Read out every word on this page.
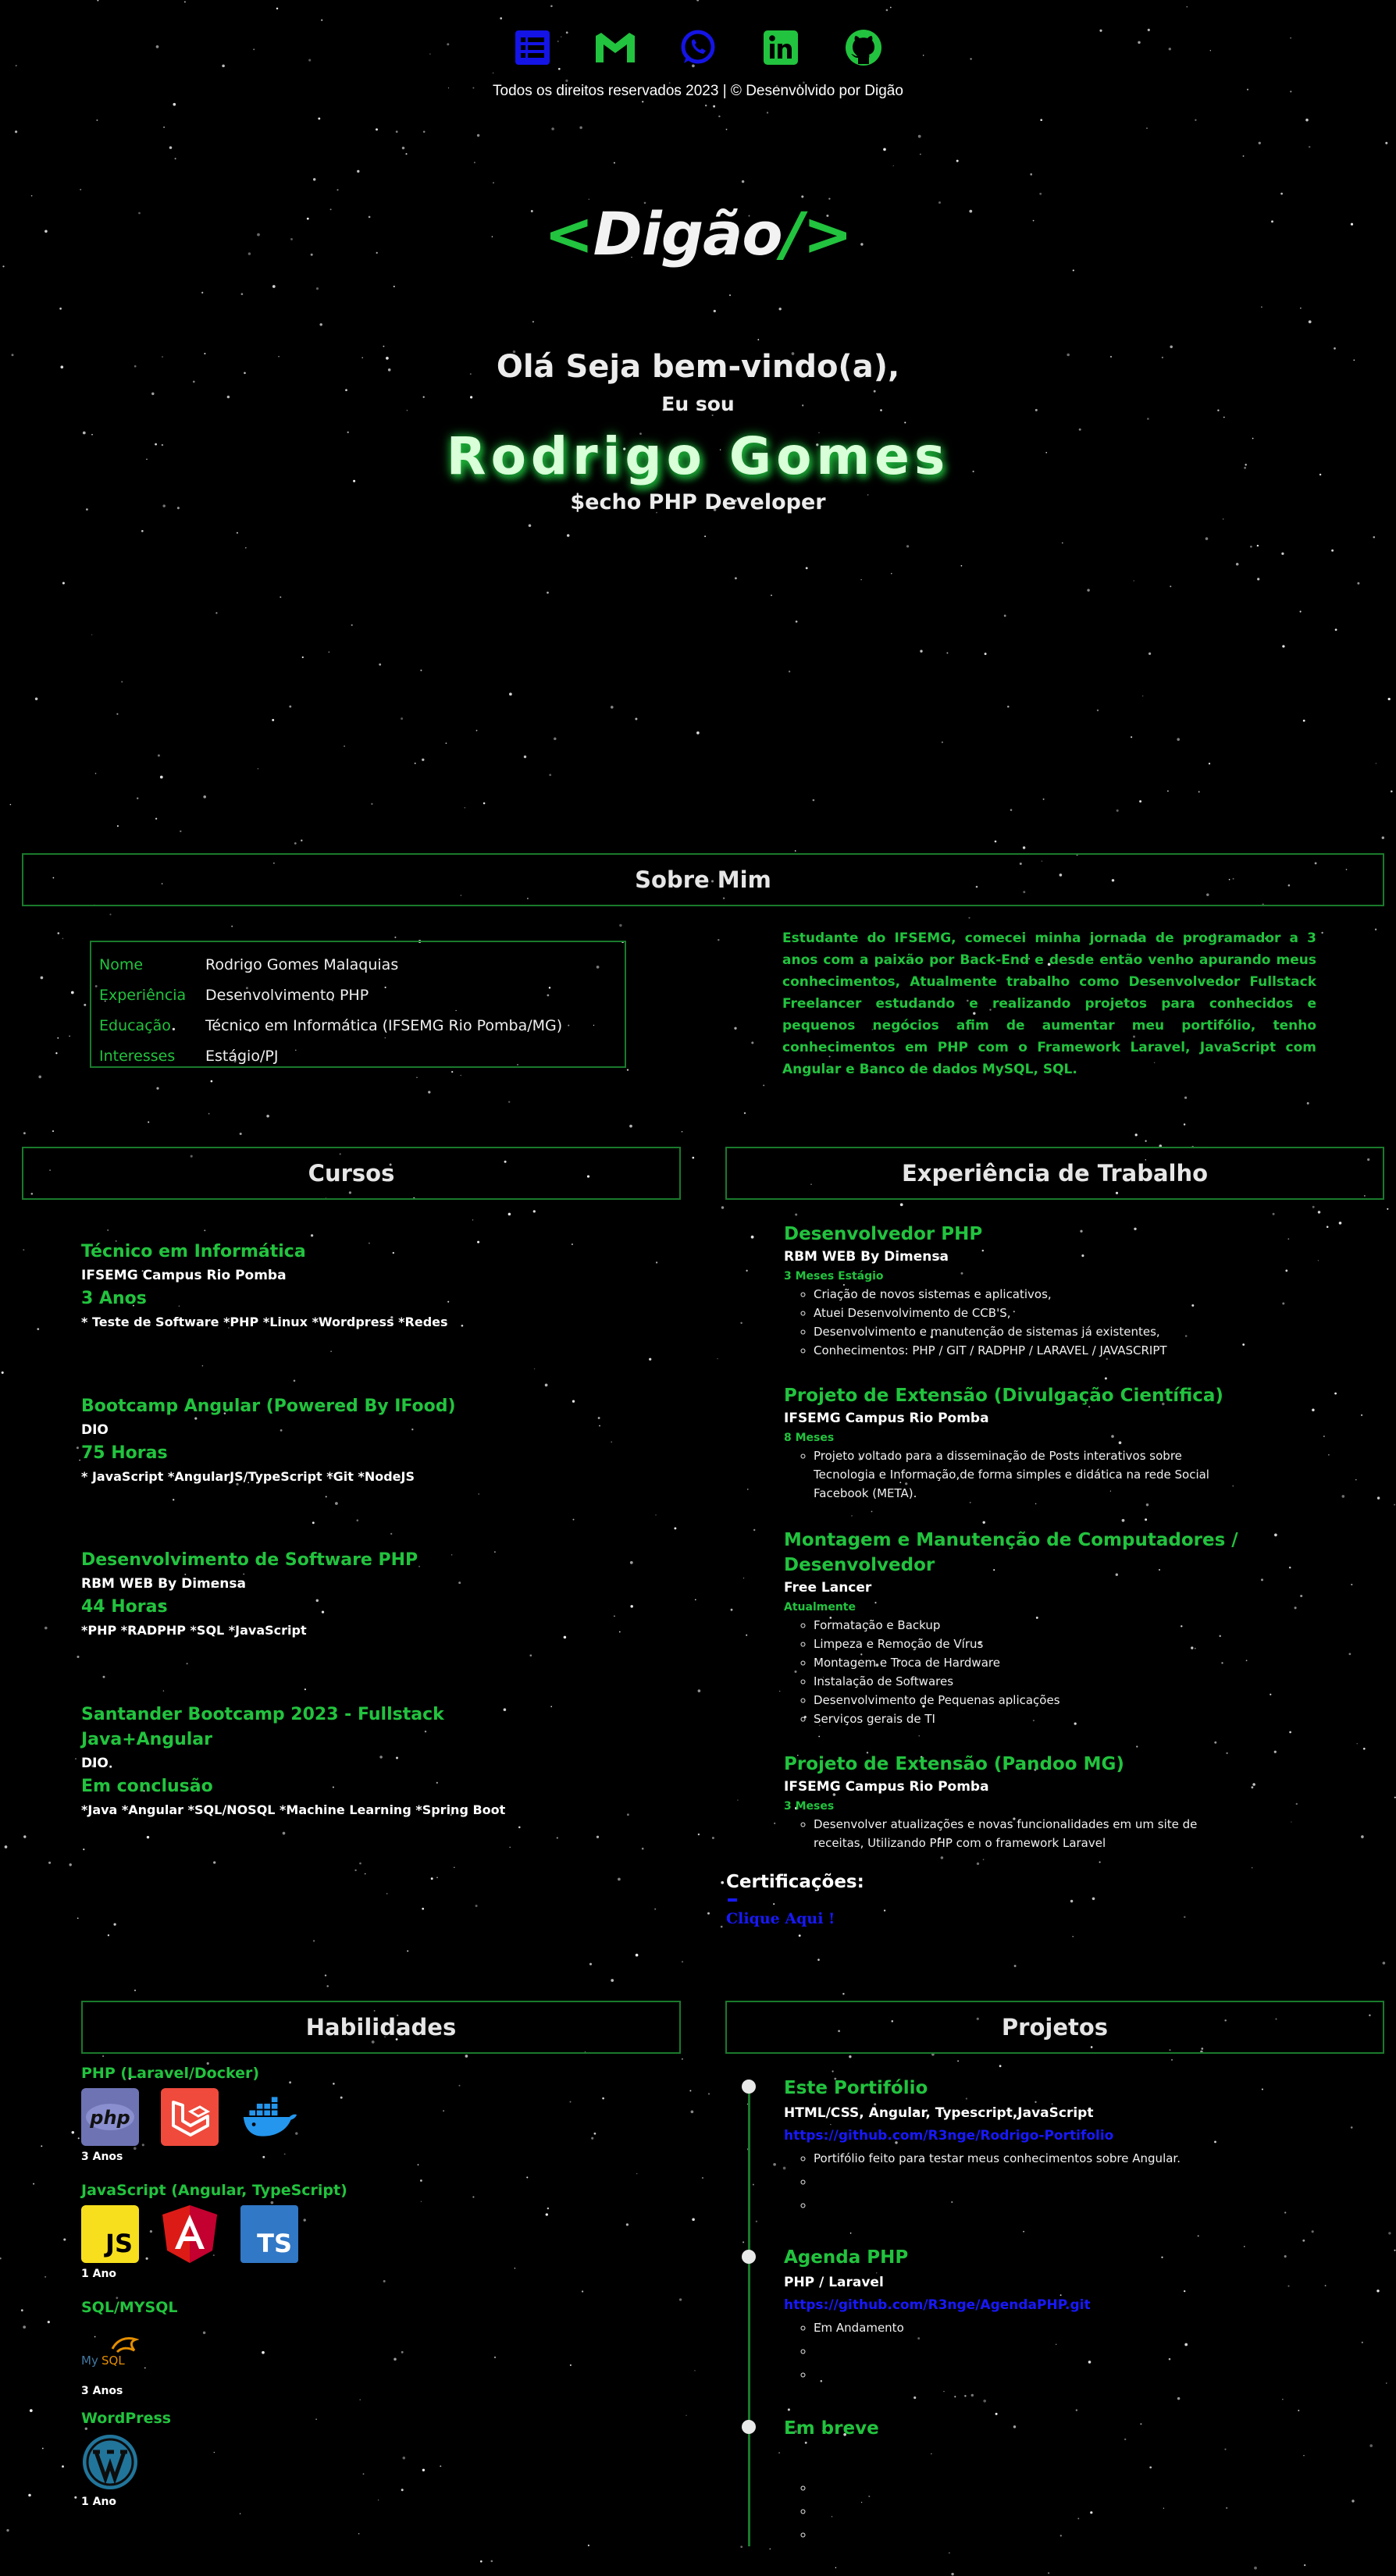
Todos os direitos reservados 2023 | © Desenvolvido por Digão
<Digão/>
Olá Seja bem-vindo(a),
Eu sou
Rodrigo Gomes
$echo PHP Developer
Sobre Mim
Nome	Rodrigo Gomes Malaquias
Experiência	Desenvolvimento PHP
Educação	Técnico em Informática (IFSEMG Rio Pomba/MG)
Interesses	Estágio/PJ
Estudante do IFSEMG, comecei minha jornada de programador a 3 anos com a paixão por Back-End e desde então venho apurando meus conhecimentos, Atualmente trabalho como Desenvolvedor Fullstack Freelancer estudando e realizando projetos para conhecidos e pequenos negócios afim de aumentar meu portifólio, tenho conhecimentos em PHP com o Framework Laravel, JavaScript com Angular e Banco de dados MySQL, SQL.
Cursos
Técnico em Informática
IFSEMG Campus Rio Pomba
3 Anos
* Teste de Software *PHP *Linux *Wordpress *Redes
Bootcamp Angular (Powered By IFood)
DIO
75 Horas
* JavaScript *AngularJS/TypeScript *Git *NodeJS
Desenvolvimento de Software PHP
RBM WEB By Dimensa
44 Horas
*PHP *RADPHP *SQL *JavaScript
Santander Bootcamp 2023 - Fullstack
Java+Angular
DIO
Em conclusão
*Java *Angular *SQL/NOSQL *Machine Learning *Spring Boot
Experiência de Trabalho
Desenvolvedor PHP
RBM WEB By Dimensa
3 Meses Estágio
◦ Criação de novos sistemas e aplicativos,
◦ Atuei Desenvolvimento de CCB'S,
◦ Desenvolvimento e manutenção de sistemas já existentes,
◦ Conhecimentos: PHP / GIT / RADPHP / LARAVEL / JAVASCRIPT
Projeto de Extensão (Divulgação Científica)
IFSEMG Campus Rio Pomba
8 Meses
◦ Projeto voltado para a disseminação de Posts interativos sobre
Tecnologia e Informação,de forma simples e didática na rede Social
Facebook (META).
Montagem e Manutenção de Computadores /
Desenvolvedor
Free Lancer
Atualmente
◦ Formatação e Backup
◦ Limpeza e Remoção de Vírus
◦ Montagem e Troca de Hardware
◦ Instalação de Softwares
◦ Desenvolvimento de Pequenas aplicações
◦ Serviços gerais de TI
Projeto de Extensão (Pandoo MG)
IFSEMG Campus Rio Pomba
3 Meses
◦ Desenvolver atualizações e novas funcionalidades em um site de
receitas, Utilizando PHP com o framework Laravel
Certificações:
Clique Aqui !
Habilidades
PHP (Laravel/Docker)
php
3 Anos
JavaScript (Angular, TypeScript)
JS	TS
1 Ano
SQL/MYSQL
My SQL
3 Anos
WordPress
1 Ano
Projetos
Este Portifólio
HTML/CSS, Angular, Typescript,JavaScript
https://github.com/R3nge/Rodrigo-Portifolio
◦ Portifólio feito para testar meus conhecimentos sobre Angular.
◦
◦
Agenda PHP
PHP / Laravel
https://github.com/R3nge/AgendaPHP.git
◦ Em Andamento
◦
◦
Em breve
◦
◦
◦
